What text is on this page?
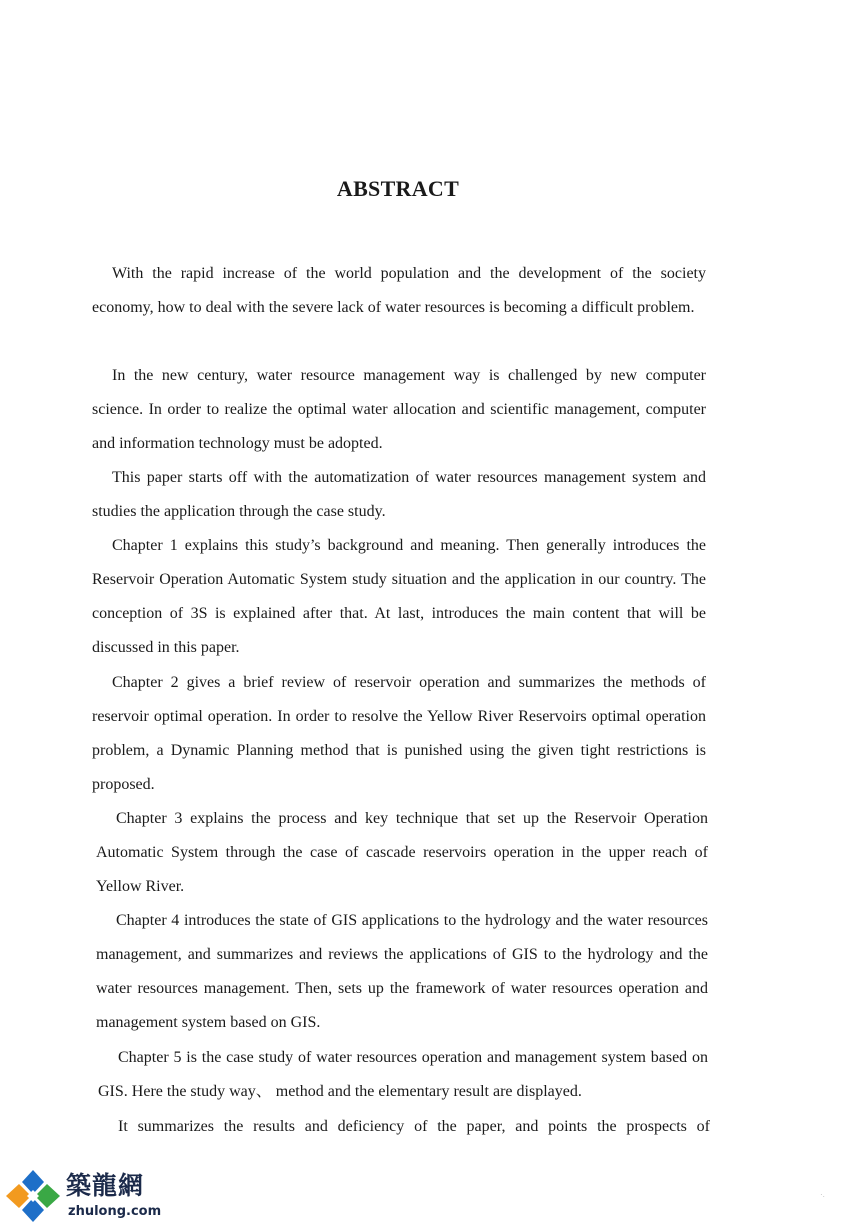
ABSTRACT

With the rapid increase of the world population and the development of the society economy, how to deal with the severe lack of water resources is becoming a difficult problem.

In the new century, water resource management way is challenged by new computer science. In order to realize the optimal water allocation and scientific management, computer and information technology must be adopted.

This paper starts off with the automatization of water resources management system and studies the application through the case study.

Chapter 1 explains this study’s background and meaning. Then generally introduces the Reservoir Operation Automatic System study situation and the application in our country. The conception of 3S is explained after that. At last, introduces the main content that will be discussed in this paper.

Chapter 2 gives a brief review of reservoir operation and summarizes the methods of reservoir optimal operation. In order to resolve the Yellow River Reservoirs optimal operation problem, a Dynamic Planning method that is punished using the given tight restrictions is proposed.

Chapter 3 explains the process and key technique that set up the Reservoir Operation Automatic System through the case of cascade reservoirs operation in the upper reach of Yellow River.

Chapter 4 introduces the state of GIS applications to the hydrology and the water resources management, and summarizes and reviews the applications of GIS to the hydrology and the water resources management. Then, sets up the framework of water resources operation and management system based on GIS.

Chapter 5 is the case study of water resources operation and management system based on GIS. Here the study way、 method and the elementary result are displayed.

It summarizes the results and deficiency of the paper, and points the prospects of

築龍網
zhulong.com
·.
